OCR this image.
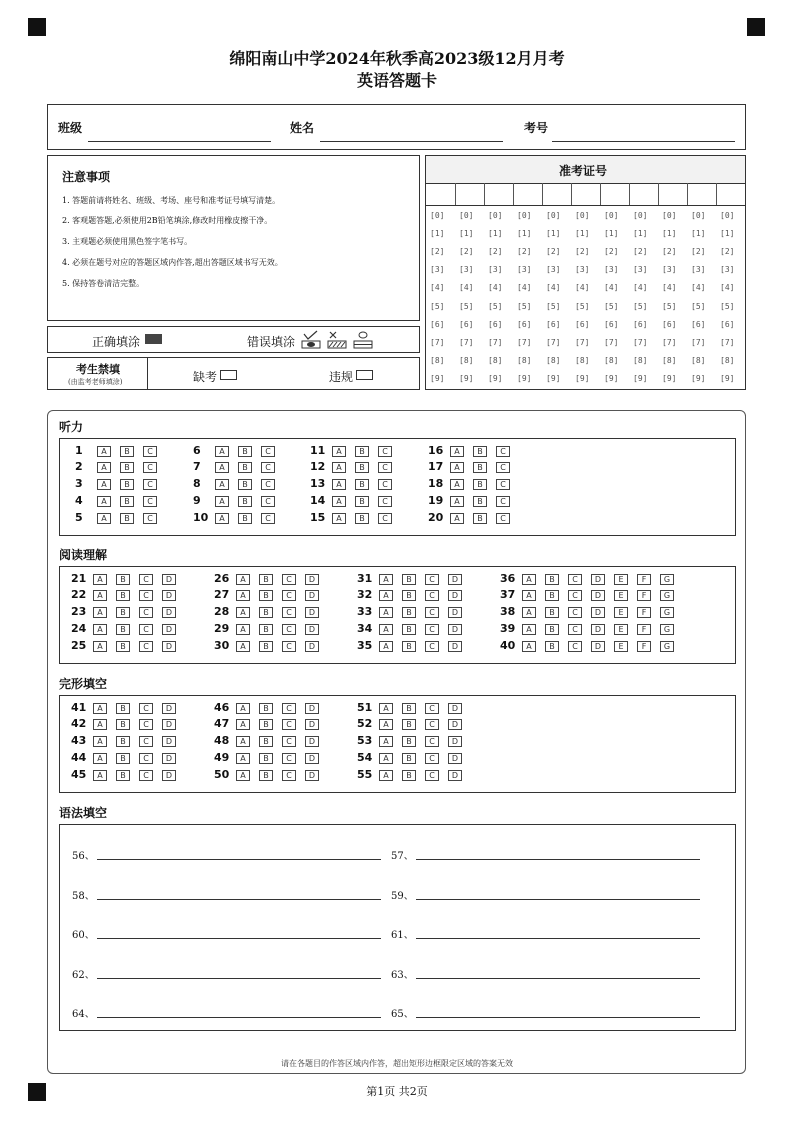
绵阳南山中学2024年秋季高2023级12月月考
英语答题卡
班级	姓名	考号
注意事项
1. 答题前请将姓名、班级、考场、座号和准考证号填写清楚。
2. 客观题答题,必须使用2B铅笔填涂,修改时用橡皮擦干净。
3. 主观题必须使用黑色签字笔书写。
4. 必须在题号对应的答题区域内作答,超出答题区域书写无效。
5. 保持答卷清洁完整。
正确填涂	错误填涂
考生禁填
(由监考老师填涂)	缺考	违规
准考证号
[0] [0] [0] [0] [0] [0] [0] [0] [0] [0] [0]
[1] [1] [1] [1] [1] [1] [1] [1] [1] [1] [1]
[2] [2] [2] [2] [2] [2] [2] [2] [2] [2] [2]
[3] [3] [3] [3] [3] [3] [3] [3] [3] [3] [3]
[4] [4] [4] [4] [4] [4] [4] [4] [4] [4] [4]
[5] [5] [5] [5] [5] [5] [5] [5] [5] [5] [5]
[6] [6] [6] [6] [6] [6] [6] [6] [6] [6] [6]
[7] [7] [7] [7] [7] [7] [7] [7] [7] [7] [7]
[8] [8] [8] [8] [8] [8] [8] [8] [8] [8] [8]
[9] [9] [9] [9] [9] [9] [9] [9] [9] [9] [9]
听力
1	A	B	C
2	A	B	C
3	A	B	C
4	A	B	C
5	A	B	C
6	A	B	C
7	A	B	C
8	A	B	C
9	A	B	C
10	A	B	C
11	A	B	C
12	A	B	C
13	A	B	C
14	A	B	C
15	A	B	C
16	A	B	C
17	A	B	C
18	A	B	C
19	A	B	C
20	A	B	C
阅读理解
21	A	B	C	D
22	A	B	C	D
23	A	B	C	D
24	A	B	C	D
25	A	B	C	D
26	A	B	C	D
27	A	B	C	D
28	A	B	C	D
29	A	B	C	D
30	A	B	C	D
31	A	B	C	D
32	A	B	C	D
33	A	B	C	D
34	A	B	C	D
35	A	B	C	D
36	A	B	C	D	E	F	G
37	A	B	C	D	E	F	G
38	A	B	C	D	E	F	G
39	A	B	C	D	E	F	G
40	A	B	C	D	E	F	G
完形填空
41	A	B	C	D
42	A	B	C	D
43	A	B	C	D
44	A	B	C	D
45	A	B	C	D
46	A	B	C	D
47	A	B	C	D
48	A	B	C	D
49	A	B	C	D
50	A	B	C	D
51	A	B	C	D
52	A	B	C	D
53	A	B	C	D
54	A	B	C	D
55	A	B	C	D
语法填空
56、	57、
58、	59、
60、	61、
62、	63、
64、	65、
请在各题目的作答区域内作答，超出矩形边框限定区域的答案无效
第1页 共2页
